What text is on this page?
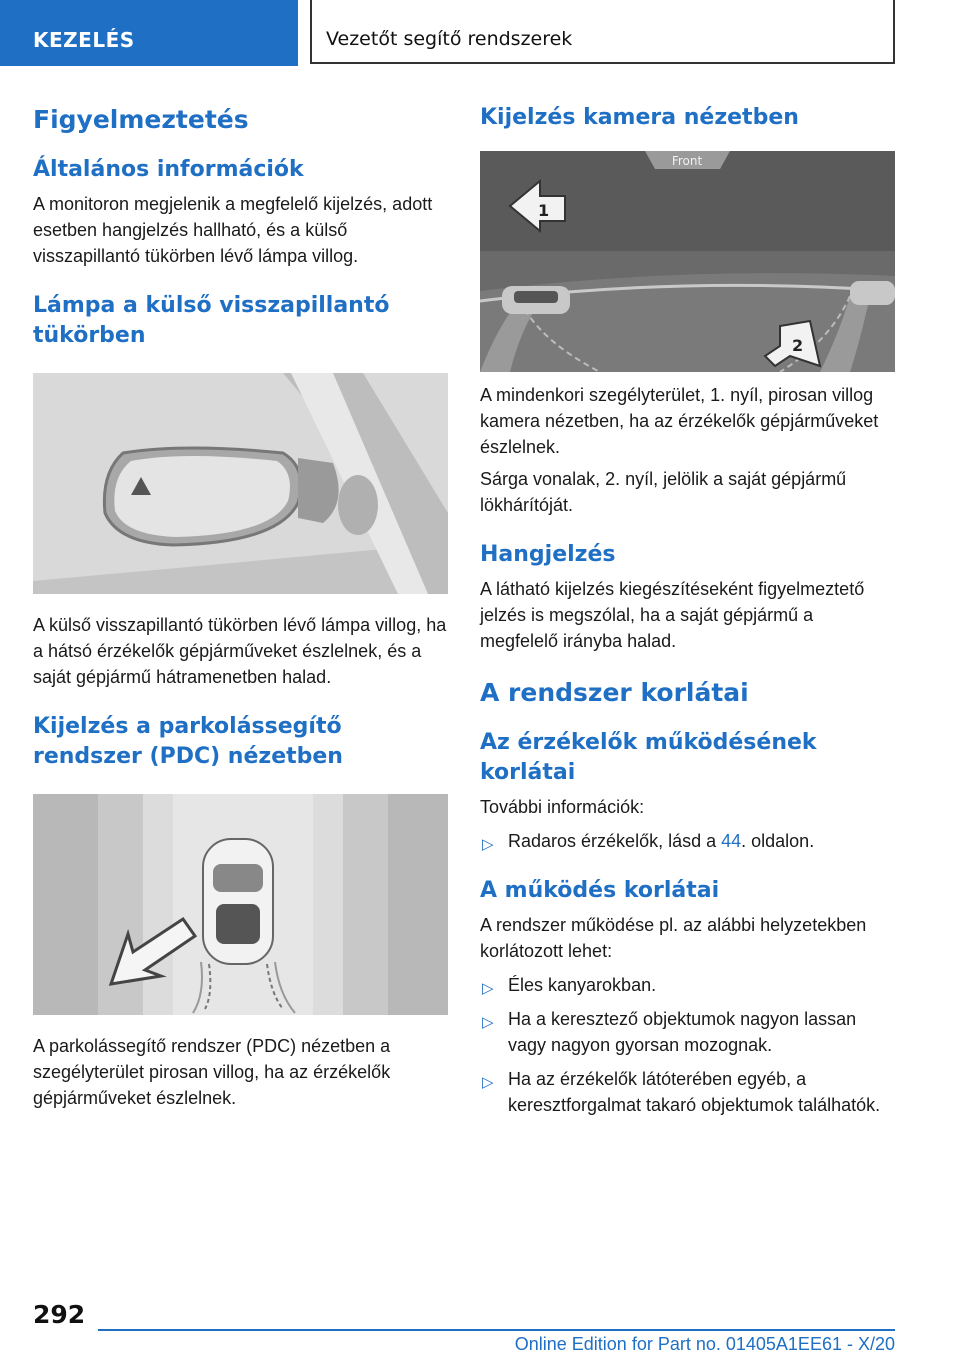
KEZELÉS	Vezetőt segítő rendszerek
Figyelmeztetés
Általános információk

A monitoron megjelenik a megfelelő kijelzés, adott esetben hangjelzés hallható, és a külső visszapillantó tükörben lévő lámpa villog.

Lámpa a külső visszapillantó tükörben

A külső visszapillantó tükörben lévő lámpa villog, ha a hátsó érzékelők gépjárműveket észlelnek, és a saját gépjármű hátramenetben halad.

Kijelzés a parkolássegítő rendszer (PDC) nézetben

A parkolássegítő rendszer (PDC) nézetben a szegélyterület pirosan villog, ha az érzékelők gépjárműveket észlelnek.

Kijelzés kamera nézetben
Front
1
2

A mindenkori szegélyterület, 1. nyíl, pirosan villog kamera nézetben, ha az érzékelők gépjárműveket észlelnek.

Sárga vonalak, 2. nyíl, jelölik a saját gépjármű lökhárítóját.

Hangjelzés

A látható kijelzés kiegészítéseként figyelmeztető jelzés is megszólal, ha a saját gépjármű a megfelelő irányba halad.

A rendszer korlátai
Az érzékelők működésének korlátai

További információk:

▷ Radaros érzékelők, lásd a 44. oldalon.
A működés korlátai

A rendszer működése pl. az alábbi helyzetekben korlátozott lehet:

▷ Éles kanyarokban.
▷ Ha a keresztező objektumok nagyon lassan vagy nagyon gyorsan mozognak.
▷ Ha az érzékelők látóterében egyéb, a keresztforgalmat takaró objektumok találhatók.
292
Online Edition for Part no. 01405A1EE61 - X/20
